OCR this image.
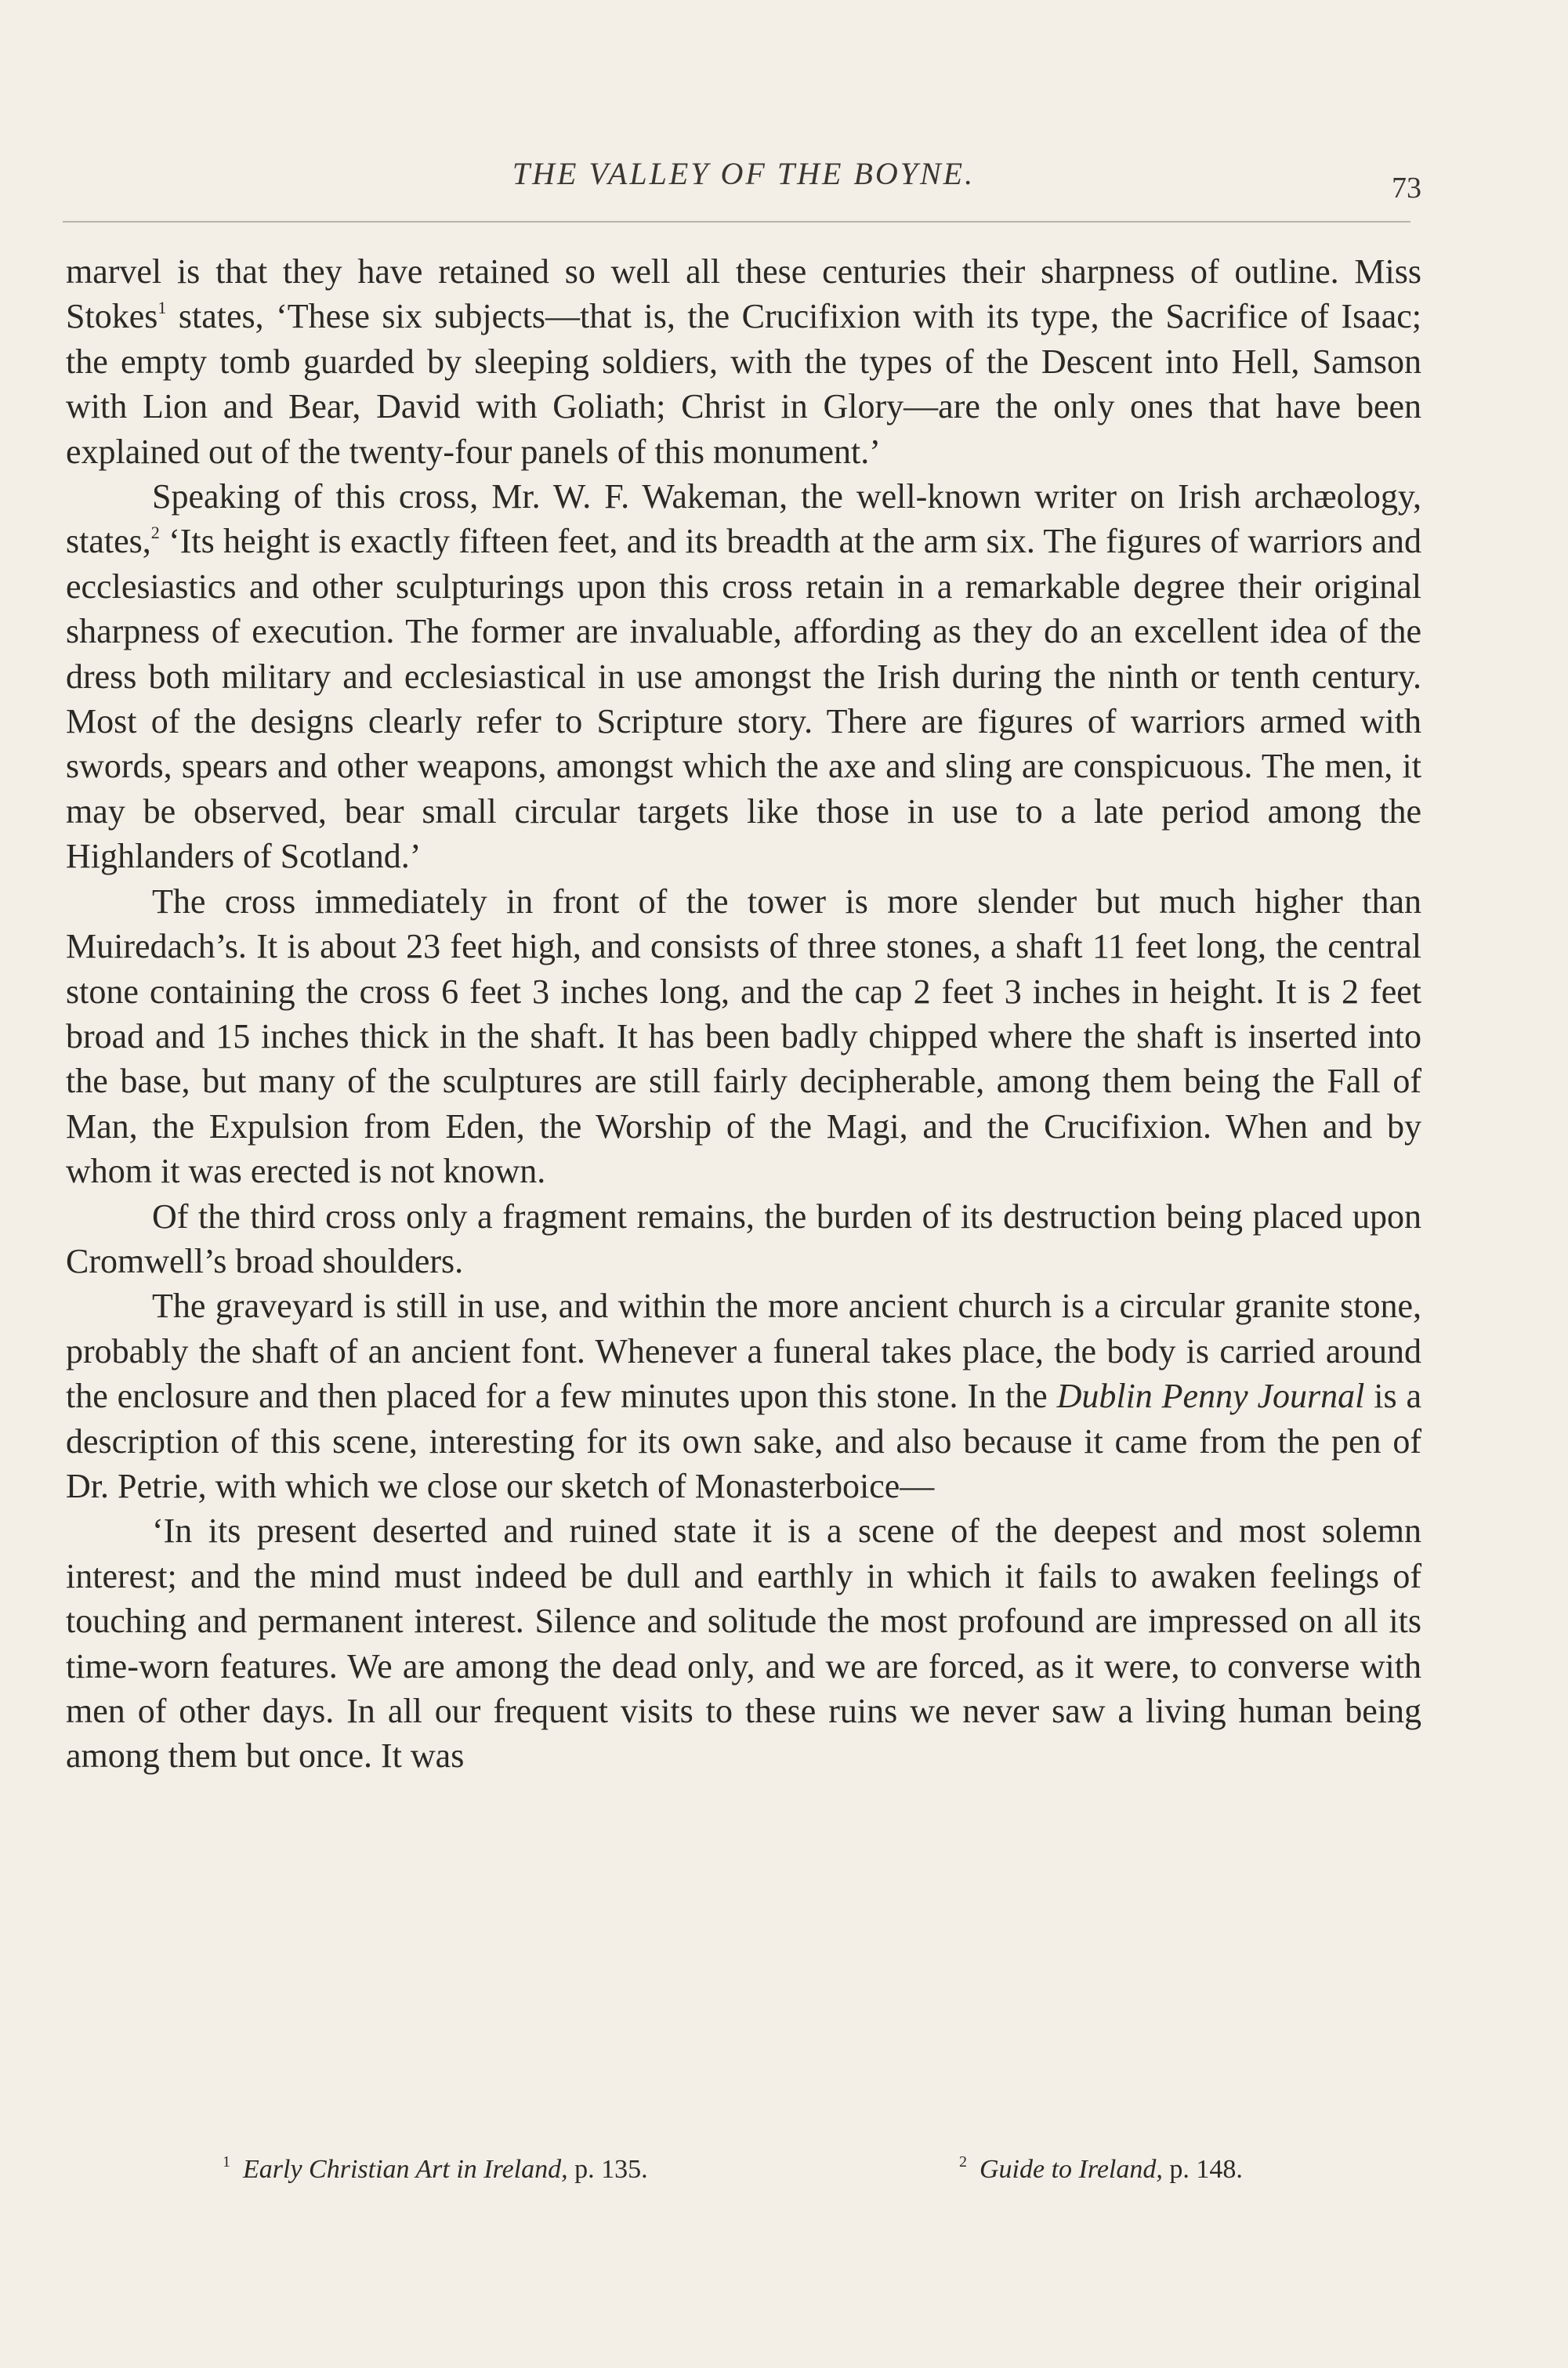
THE VALLEY OF THE BOYNE.	73

marvel is that they have retained so well all these centuries their sharpness of outline. Miss Stokes$^1$ states, ‘These six subjects—that is, the Crucifixion with its type, the Sacrifice of Isaac; the empty tomb guarded by sleeping soldiers, with the types of the Descent into Hell, Samson with Lion and Bear, David with Goliath; Christ in Glory—are the only ones that have been explained out of the twenty-four panels of this monument.’

Speaking of this cross, Mr. W. F. Wakeman, the well-known writer on Irish archæology, states,$^2$ ‘Its height is exactly fifteen feet, and its breadth at the arm six. The figures of warriors and ecclesiastics and other sculpturings upon this cross retain in a remarkable degree their original sharpness of execution. The former are invaluable, affording as they do an excellent idea of the dress both military and ecclesiastical in use amongst the Irish during the ninth or tenth century. Most of the designs clearly refer to Scripture story. There are figures of warriors armed with swords, spears and other weapons, amongst which the axe and sling are conspicuous. The men, it may be observed, bear small circular targets like those in use to a late period among the Highlanders of Scotland.’

The cross immediately in front of the tower is more slender but much higher than Muiredach’s. It is about 23 feet high, and consists of three stones, a shaft 11 feet long, the central stone containing the cross 6 feet 3 inches long, and the cap 2 feet 3 inches in height. It is 2 feet broad and 15 inches thick in the shaft. It has been badly chipped where the shaft is inserted into the base, but many of the sculptures are still fairly decipherable, among them being the Fall of Man, the Expulsion from Eden, the Worship of the Magi, and the Crucifixion. When and by whom it was erected is not known.

Of the third cross only a fragment remains, the burden of its destruction being placed upon Cromwell’s broad shoulders.

The graveyard is still in use, and within the more ancient church is a circular granite stone, probably the shaft of an ancient font. Whenever a funeral takes place, the body is carried around the enclosure and then placed for a few minutes upon this stone. In the Dublin Penny Journal is a description of this scene, interesting for its own sake, and also because it came from the pen of Dr. Petrie, with which we close our sketch of Monasterboice—

‘In its present deserted and ruined state it is a scene of the deepest and most solemn interest; and the mind must indeed be dull and earthly in which it fails to awaken feelings of touching and permanent interest. Silence and solitude the most profound are impressed on all its time-worn features. We are among the dead only, and we are forced, as it were, to converse with men of other days. In all our frequent visits to these ruins we never saw a living human being among them but once. It was

$^1$ Early Christian Art in Ireland, p. 135.	$^2$ Guide to Ireland, p. 148.
